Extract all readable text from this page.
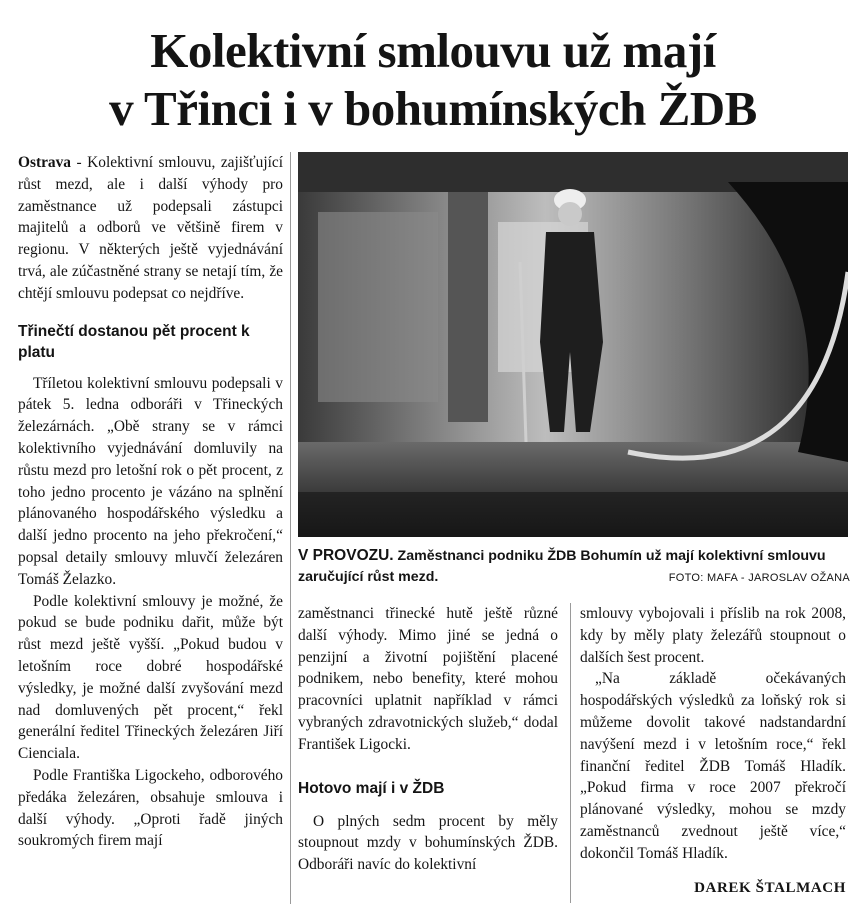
Kolektivní smlouvu už mají
v Třinci i v bohumínských ŽDB

Ostrava - Kolektivní smlouvu, zajišťující růst mezd, ale i další výhody pro zaměstnance už podepsali zástupci majitelů a odborů ve většině firem v regionu. V některých ještě vyjednávání trvá, ale zúčastněné strany se netají tím, že chtějí smlouvu podepsat co nejdříve.

Třinečtí dostanou pět procent k platu

Tříletou kolektivní smlouvu podepsali v pátek 5. ledna odboráři v Třineckých železárnách. „Obě strany se v rámci kolektivního vyjednávání domluvily na růstu mezd pro letošní rok o pět procent, z toho jedno procento je vázáno na splnění plánovaného hospodářského výsledku a další jedno procento na jeho překročení,“ popsal detaily smlouvy mluvčí železáren Tomáš Želazko.

Podle kolektivní smlouvy je možné, že pokud se bude podniku dařit, může být růst mezd ještě vyšší. „Pokud budou v letošním roce dobré hospodářské výsledky, je možné další zvyšování mezd nad domluvených pět procent,“ řekl generální ředitel Třineckých železáren Jiří Cienciala.

Podle Františka Ligockeho, odborového předáka železáren, obsahuje smlouva i další výhody. „Oproti řadě jiných soukromých firem mají

V PROVOZU. Zaměstnanci podniku ŽDB Bohumín už mají kolektivní smlouvu zaručující růst mezd.	FOTO: MAFA - JAROSLAV OŽANA

zaměstnanci třinecké hutě ještě různé další výhody. Mimo jiné se jedná o penzijní a životní pojištění placené podnikem, nebo benefity, které mohou pracovníci uplatnit například v rámci vybraných zdravotnických služeb,“ dodal František Ligocki.

Hotovo mají i v ŽDB

O plných sedm procent by měly stoupnout mzdy v bohumínských ŽDB. Odboráři navíc do kolektivní

smlouvy vybojovali i příslib na rok 2008, kdy by měly platy železářů stoupnout o dalších šest procent.

„Na základě očekávaných hospodářských výsledků za loňský rok si můžeme dovolit takové nadstandardní navýšení mezd i v letošním roce,“ řekl finanční ředitel ŽDB Tomáš Hladík. „Pokud firma v roce 2007 překročí plánované výsledky, mohou se mzdy zaměstnanců zvednout ještě více,“ dokončil Tomáš Hladík.

DAREK ŠTALMACH
